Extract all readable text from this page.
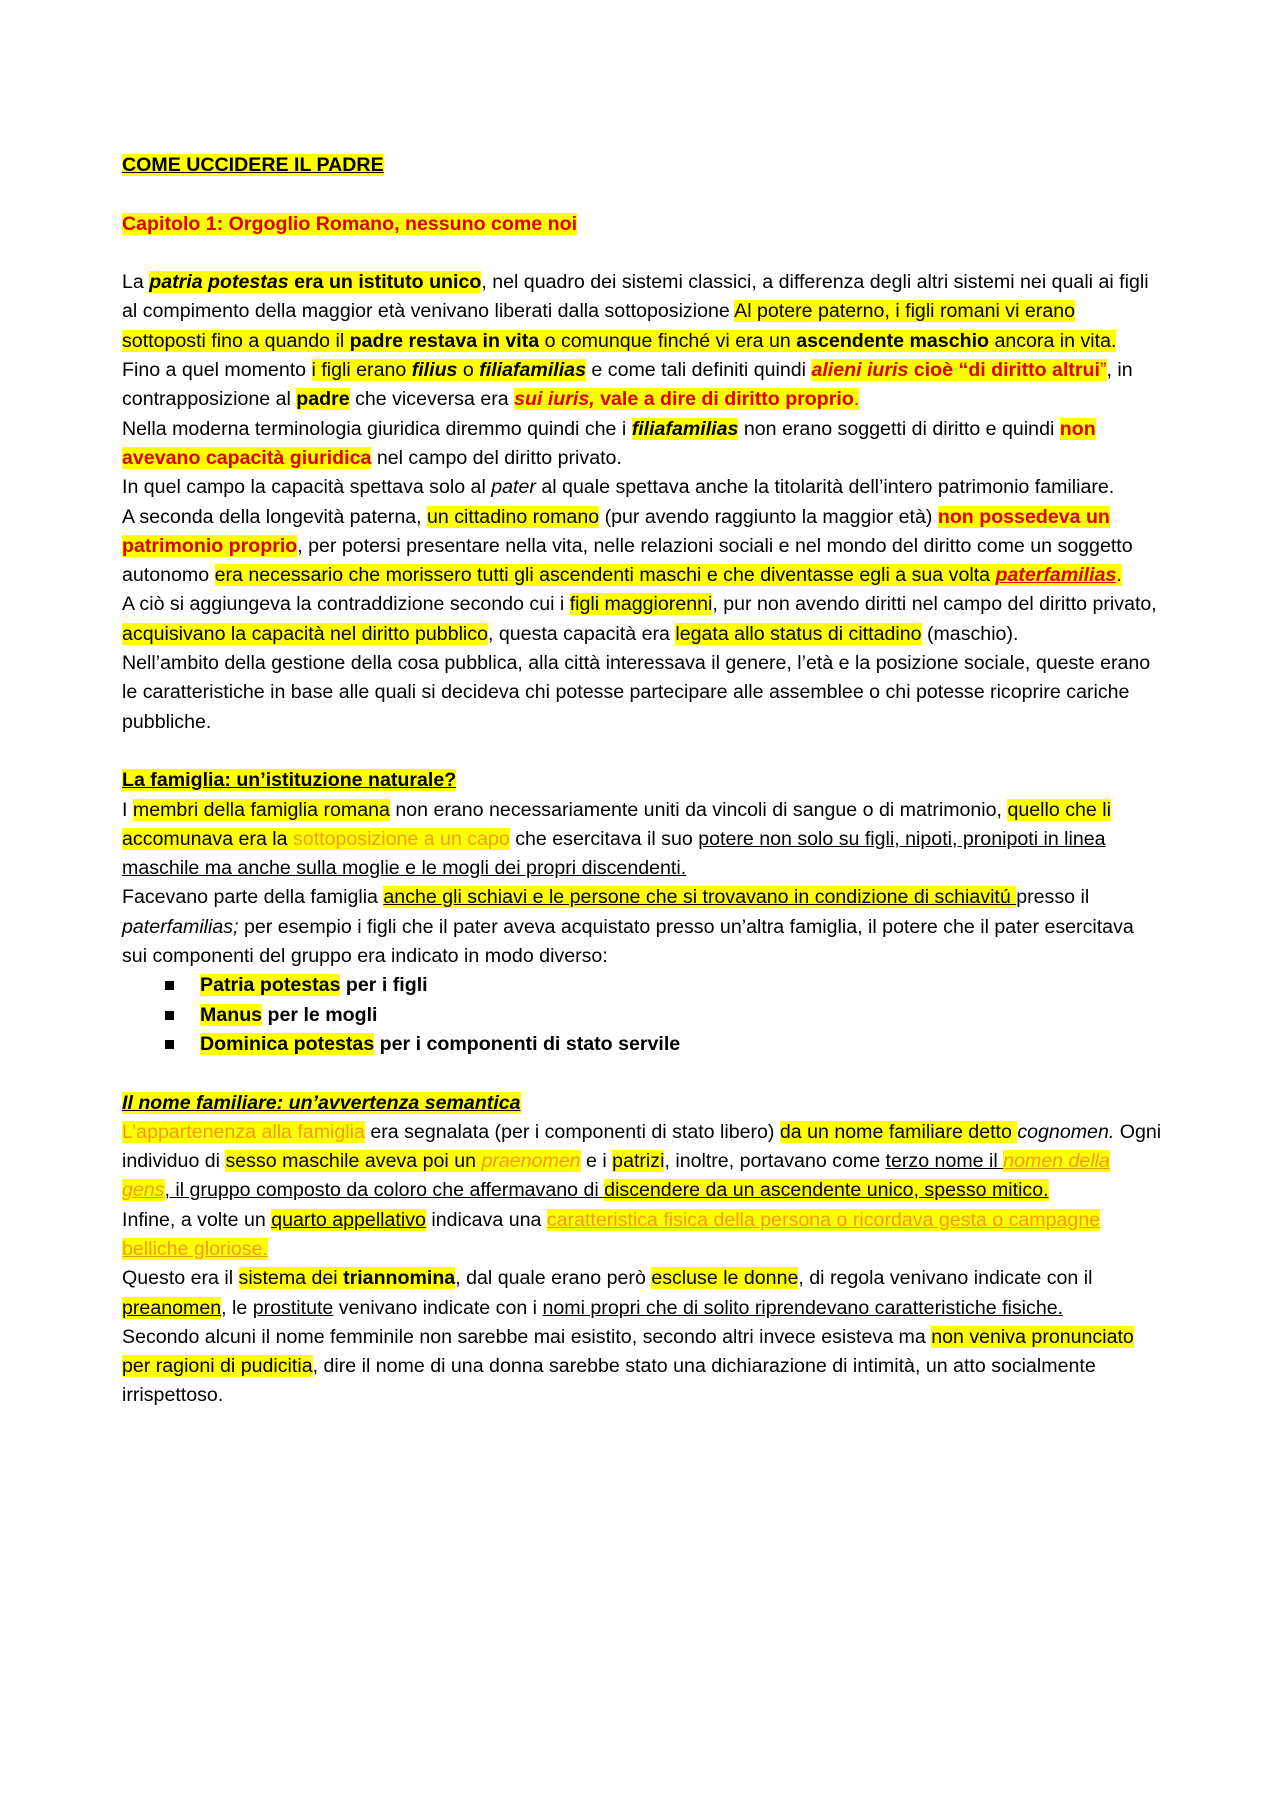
COME UCCIDERE IL PADRE

Capitolo 1: Orgoglio Romano, nessuno come noi

La patria potestas era un istituto unico, nel quadro dei sistemi classici, a differenza degli altri sistemi nei quali ai figli al compimento della maggior età venivano liberati dalla sottoposizione Al potere paterno, i figli romani vi erano sottoposti fino a quando il padre restava in vita o comunque finché vi era un ascendente maschio ancora in vita.

Fino a quel momento i figli erano filius o filiafamilias e come tali definiti quindi alieni iuris cioè “di diritto altrui”, in contrapposizione al padre che viceversa era sui iuris, vale a dire di diritto proprio.

Nella moderna terminologia giuridica diremmo quindi che i filiafamilias non erano soggetti di diritto e quindi non avevano capacità giuridica nel campo del diritto privato.

In quel campo la capacità spettava solo al pater al quale spettava anche la titolarità dell’intero patrimonio familiare.

A seconda della longevità paterna, un cittadino romano (pur avendo raggiunto la maggior età) non possedeva un patrimonio proprio, per potersi presentare nella vita, nelle relazioni sociali e nel mondo del diritto come un soggetto autonomo era necessario che morissero tutti gli ascendenti maschi e che diventasse egli a sua volta paterfamilias.

A ciò si aggiungeva la contraddizione secondo cui i figli maggiorenni, pur non avendo diritti nel campo del diritto privato, acquisivano la capacità nel diritto pubblico, questa capacità era legata allo status di cittadino (maschio).

Nell’ambito della gestione della cosa pubblica, alla città interessava il genere, l’età e la posizione sociale, queste erano le caratteristiche in base alle quali si decideva chi potesse partecipare alle assemblee o chi potesse ricoprire cariche pubbliche.

La famiglia: un’istituzione naturale?

I membri della famiglia romana non erano necessariamente uniti da vincoli di sangue o di matrimonio, quello che li accomunava era la sottoposizione a un capo che esercitava il suo potere non solo su figli, nipoti, pronipoti in linea maschile ma anche sulla moglie e le mogli dei propri discendenti.

Facevano parte della famiglia anche gli schiavi e le persone che si trovavano in condizione di schiavitú presso il paterfamilias; per esempio i figli che il pater aveva acquistato presso un’altra famiglia, il potere che il pater esercitava sui componenti del gruppo era indicato in modo diverso:

Patria potestas per i figli
Manus per le mogli
Dominica potestas per i componenti di stato servile

Il nome familiare: un’avvertenza semantica

L’appartenenza alla famiglia era segnalata (per i componenti di stato libero) da un nome familiare detto cognomen. Ogni individuo di sesso maschile aveva poi un praenomen e i patrizi, inoltre, portavano come terzo nome il nomen della gens, il gruppo composto da coloro che affermavano di discendere da un ascendente unico, spesso mitico.

Infine, a volte un quarto appellativo indicava una caratteristica fisica della persona o ricordava gesta o campagne belliche gloriose.

Questo era il sistema dei triannomina, dal quale erano però escluse le donne, di regola venivano indicate con il preanomen, le prostitute venivano indicate con i nomi propri che di solito riprendevano caratteristiche fisiche.

Secondo alcuni il nome femminile non sarebbe mai esistito, secondo altri invece esisteva ma non veniva pronunciato per ragioni di pudicitia, dire il nome di una donna sarebbe stato una dichiarazione di intimità, un atto socialmente irrispettoso.
